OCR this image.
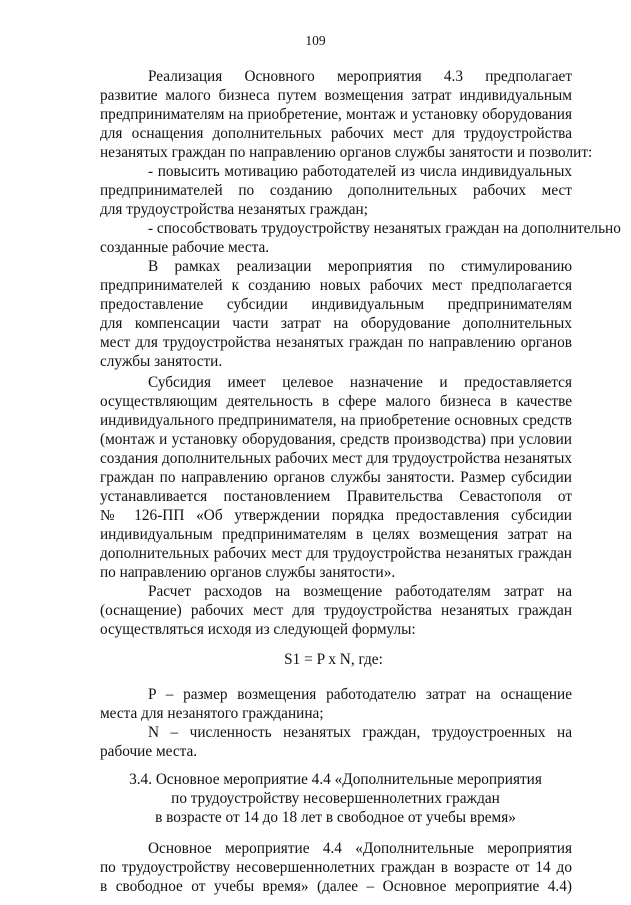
109
Реализация Основного мероприятия 4.3 предполагает
развитие малого бизнеса путем возмещения затрат индивидуальным
предпринимателям на приобретение, монтаж и установку оборудования
для оснащения дополнительных рабочих мест для трудоустройства
незанятых граждан по направлению органов службы занятости и позволит:
- повысить мотивацию работодателей из числа индивидуальных
предпринимателей по созданию дополнительных рабочих мест
для трудоустройства незанятых граждан;
- способствовать трудоустройству незанятых граждан на дополнительно
созданные рабочие места.
В рамках реализации мероприятия по стимулированию
предпринимателей к созданию новых рабочих мест предполагается
предоставление субсидии индивидуальным предпринимателям
для компенсации части затрат на оборудование дополнительных
мест для трудоустройства незанятых граждан по направлению органов
службы занятости.
Субсидия имеет целевое назначение и предоставляется
осуществляющим деятельность в сфере малого бизнеса в качестве
индивидуального предпринимателя, на приобретение основных средств
(монтаж и установку оборудования, средств производства) при условии
создания дополнительных рабочих мест для трудоустройства незанятых
граждан по направлению органов службы занятости. Размер субсидии
устанавливается постановлением Правительства Севастополя от
№ 126-ПП «Об утверждении порядка предоставления субсидии
индивидуальным предпринимателям в целях возмещения затрат на
дополнительных рабочих мест для трудоустройства незанятых граждан
по направлению органов службы занятости».
Расчет расходов на возмещение работодателям затрат на
(оснащение) рабочих мест для трудоустройства незанятых граждан
осуществляться исходя из следующей формулы:
S1 = P x N, где:
P – размер возмещения работодателю затрат на оснащение
места для незанятого гражданина;
N – численность незанятых граждан, трудоустроенных на
рабочие места.
3.4. Основное мероприятие 4.4 «Дополнительные мероприятия
по трудоустройству несовершеннолетних граждан
в возрасте от 14 до 18 лет в свободное от учебы время»
Основное мероприятие 4.4 «Дополнительные мероприятия
по трудоустройству несовершеннолетних граждан в возрасте от 14 до
в свободное от учебы время» (далее – Основное мероприятие 4.4)
